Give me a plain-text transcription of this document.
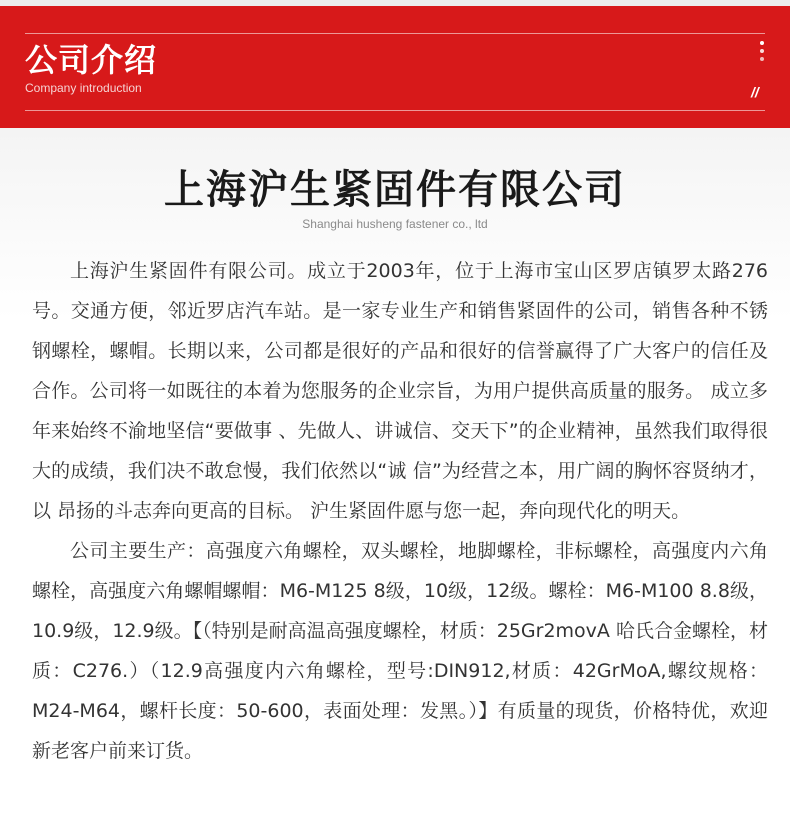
公司介绍
Company introduction	//
上海沪生紧固件有限公司
Shanghai husheng fastener co., ltd

上海沪生紧固件有限公司。成立于2003年，位于上海市宝山区罗店镇罗太路276号。交通方便，邻近罗店汽车站。是一家专业生产和销售紧固件的公司，销售各种不锈钢螺栓，螺帽。长期以来，公司都是很好的产品和很好的信誉赢得了广大客户的信任及合作。公司将一如既往的本着为您服务的企业宗旨，为用户提供高质量的服务。 成立多年来始终不渝地坚信“要做事 、先做人、讲诚信、交天下”的企业精神，虽然我们取得很大的成绩，我们决不敢怠慢，我们依然以“诚 信”为经营之本，用广阔的胸怀容贤纳才，以 昂扬的斗志奔向更高的目标。 沪生紧固件愿与您一起，奔向现代化的明天。

公司主要生产：高强度六角螺栓，双头螺栓，地脚螺栓，非标螺栓，高强度内六角螺栓，高强度六角螺帽螺帽：M6-M125 8级，10级，12级。螺栓：M6-M100 8.8级，10.9级，12.9级。【（特别是耐高温高强度螺栓，材质：25Gr2movA 哈氏合金螺栓，材质：C276.）（12.9高强度内六角螺栓，型号:DIN912,材质：42GrMoA,螺纹规格：M24-M64，螺杆长度：50-600，表面处理：发黑。）】有质量的现货，价格特优，欢迎新老客户前来订货。
